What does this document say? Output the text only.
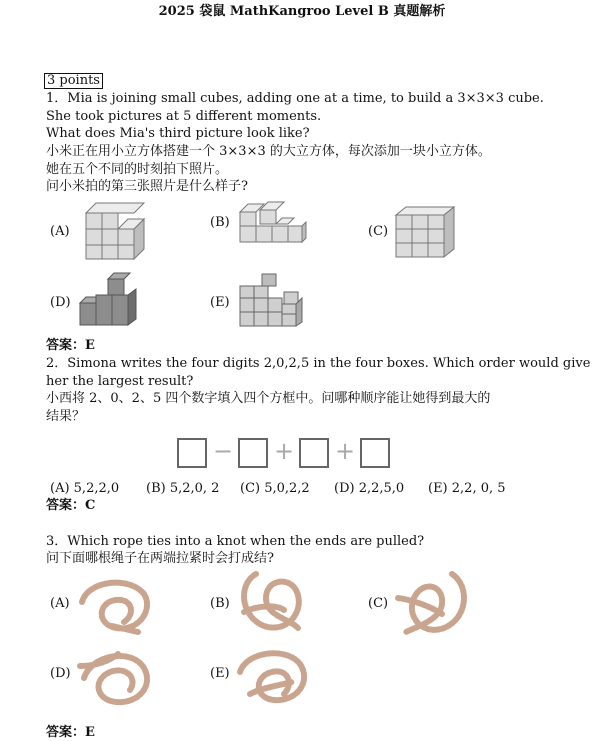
2025 袋鼠 MathKangroo Level B 真题解析
3 points
1．Mia is joining small cubes, adding one at a time, to build a 3×3×3 cube.
She took pictures at 5 different moments.
What does Mia's third picture look like?
小米正在用小立方体搭建一个 3×3×3 的大立方体，每次添加一块小立方体。
她在五个不同的时刻拍下照片。
问小米拍的第三张照片是什么样子?
(A)
(B)
(C)
(D)	(E)
答案：E
2．Simona writes the four digits 2,0,2,5 in the four boxes. Which order would give
her the largest result?
小西将 2、0、2、5 四个数字填入四个方框中。问哪种顺序能让她得到最大的
结果？
− + +
(A) 5,2,2,0 (B) 5,2,0, 2 (C) 5,0,2,2 (D) 2,2,5,0 (E) 2,2, 0, 5
答案：C
3．Which rope ties into a knot when the ends are pulled?
问下面哪根绳子在两端拉紧时会打成结?
(A)	(B)	(C)
(D)	(E)
答案：E
